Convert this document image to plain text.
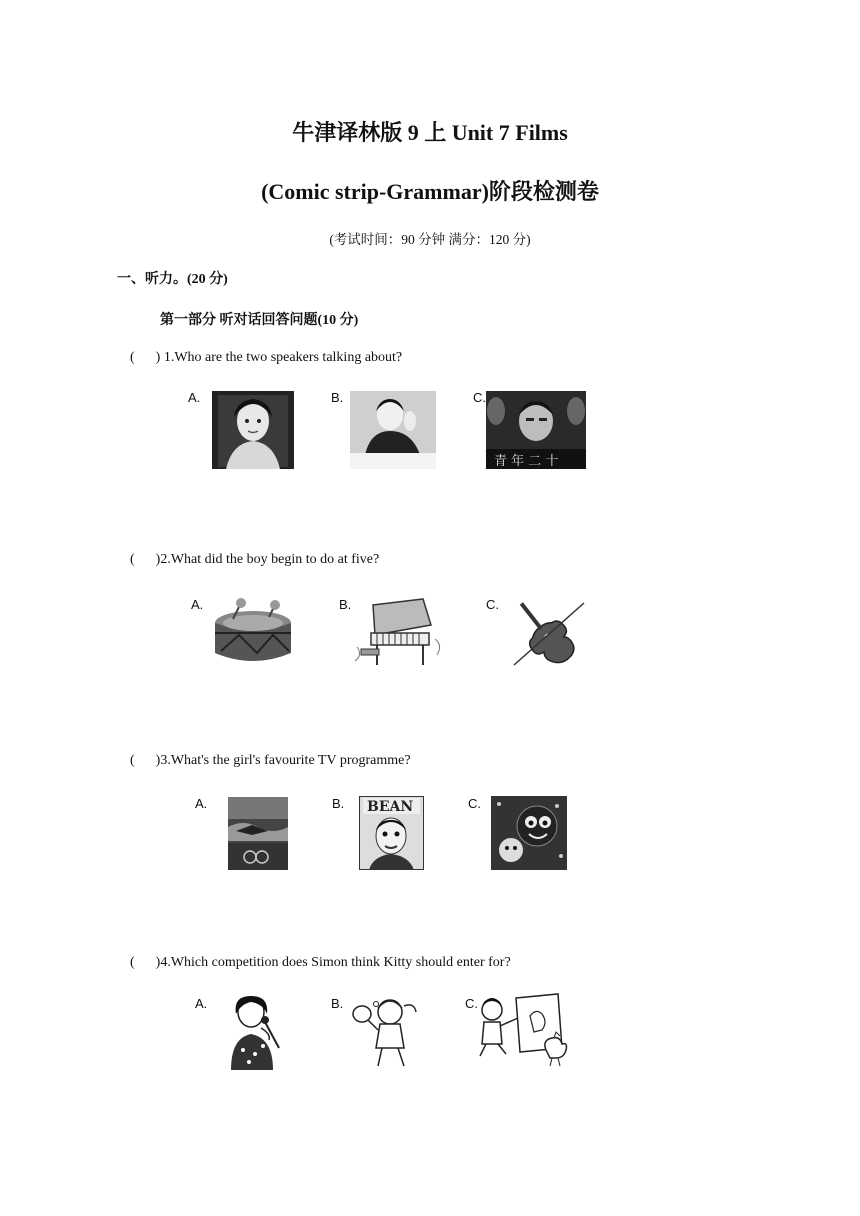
牛津译林版 9 上 Unit 7 Films
(Comic strip-Grammar)阶段检测卷
(考试时间：90 分钟 满分：120 分)
一、听力。(20 分)
第一部分 听对话回答问题(10 分)
(      ) 1.Who are the two speakers talking about?
A.	B.	C.
青 年 二 十
(      )2.What did the boy begin to do at five?
A.	B.	C.
(      )3.What's the girl's favourite TV programme?
A.	B. BEAN	C.
(      )4.Which competition does Simon think Kitty should enter for?
A.	B.	C.
